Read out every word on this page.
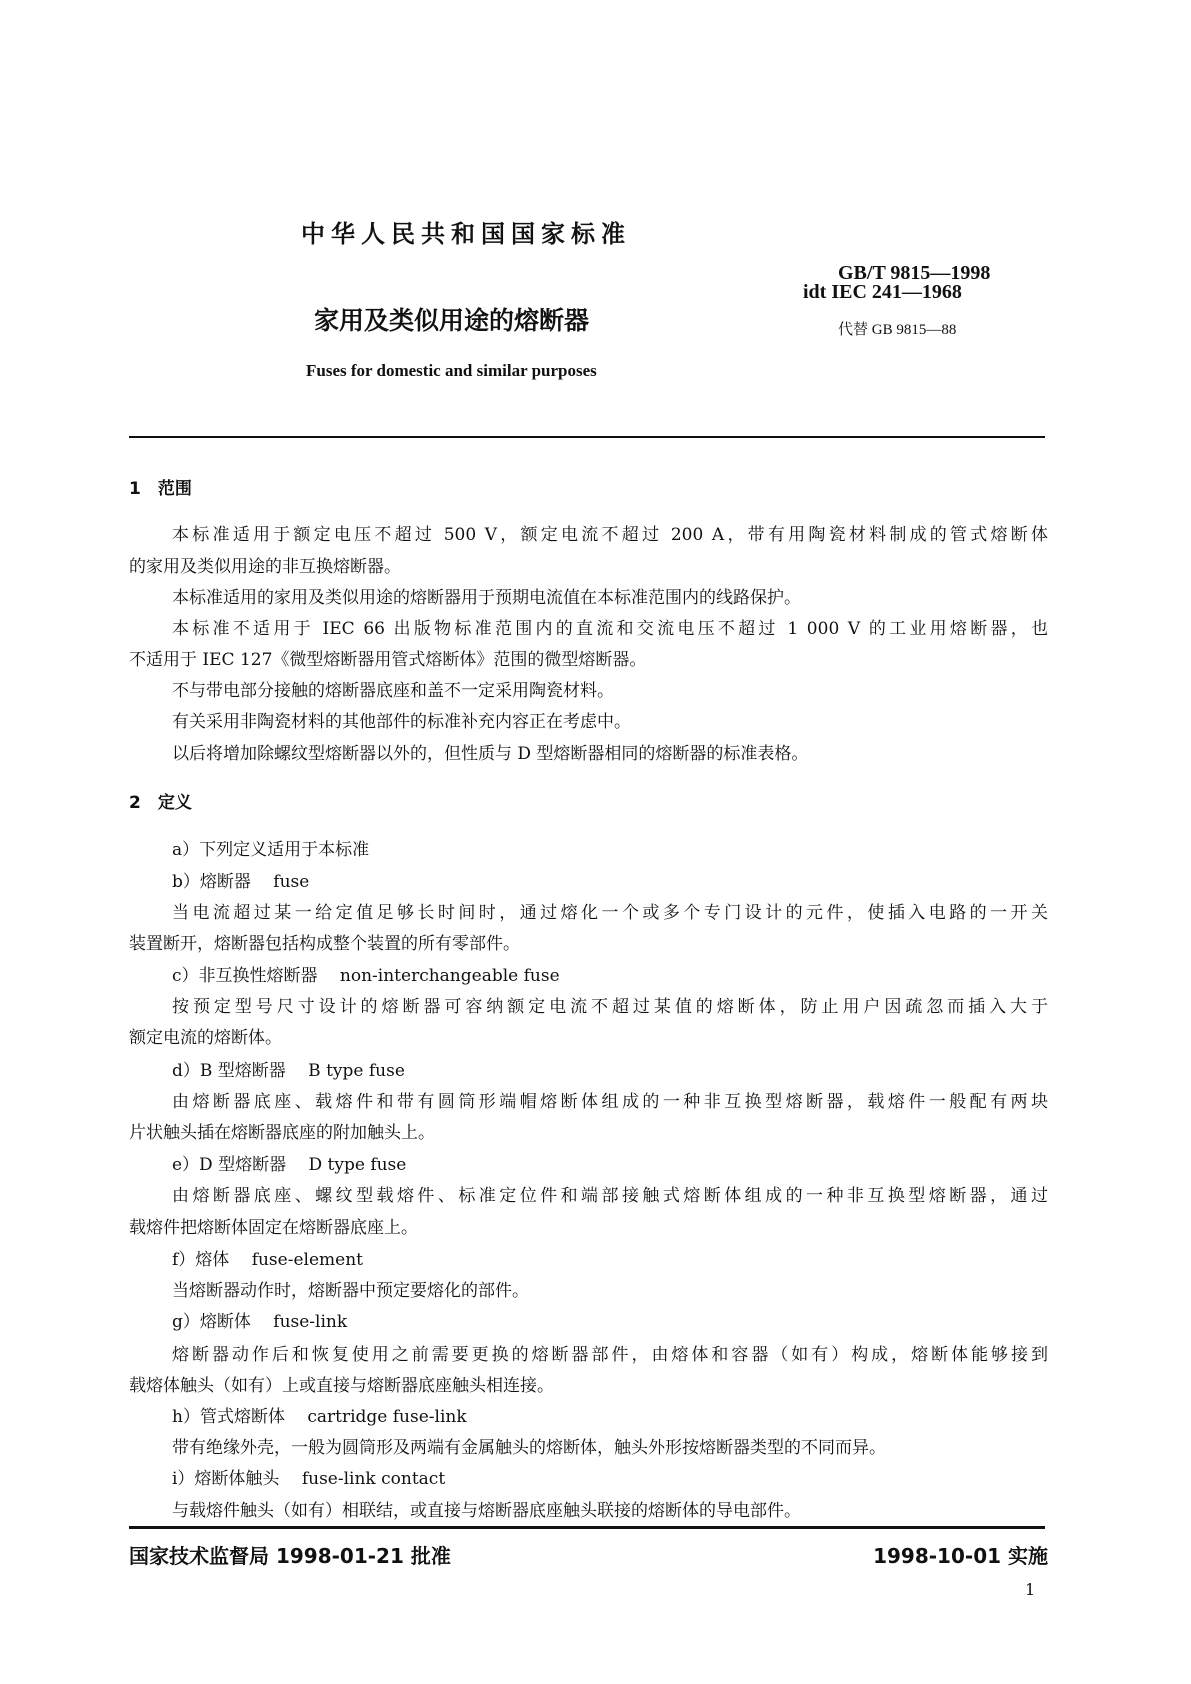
中华人民共和国国家标准
GB/T 9815—1998
idt IEC 241—1968
代替 GB 9815—88
家用及类似用途的熔断器
Fuses for domestic and similar purposes
1　范围
本标准适用于额定电压不超过 500 V，额定电流不超过 200 A，带有用陶瓷材料制成的管式熔断体
的家用及类似用途的非互换熔断器。
本标准适用的家用及类似用途的熔断器用于预期电流值在本标准范围内的线路保护。
本标准不适用于 IEC 66 出版物标准范围内的直流和交流电压不超过 1 000 V 的工业用熔断器，也
不适用于 IEC 127《微型熔断器用管式熔断体》范围的微型熔断器。
不与带电部分接触的熔断器底座和盖不一定采用陶瓷材料。
有关采用非陶瓷材料的其他部件的标准补充内容正在考虑中。
以后将增加除螺纹型熔断器以外的，但性质与 D 型熔断器相同的熔断器的标准表格。
2　定义
a）下列定义适用于本标准
b）熔断器　 fuse
当电流超过某一给定值足够长时间时，通过熔化一个或多个专门设计的元件，使插入电路的一开关
装置断开，熔断器包括构成整个装置的所有零部件。
c）非互换性熔断器　 non-interchangeable fuse
按预定型号尺寸设计的熔断器可容纳额定电流不超过某值的熔断体，防止用户因疏忽而插入大于
额定电流的熔断体。
d）B 型熔断器　 B type fuse
由熔断器底座、载熔件和带有圆筒形端帽熔断体组成的一种非互换型熔断器，载熔件一般配有两块
片状触头插在熔断器底座的附加触头上。
e）D 型熔断器　 D type fuse
由熔断器底座、螺纹型载熔件、标准定位件和端部接触式熔断体组成的一种非互换型熔断器，通过
载熔件把熔断体固定在熔断器底座上。
f）熔体　 fuse-element
当熔断器动作时，熔断器中预定要熔化的部件。
g）熔断体　 fuse-link
熔断器动作后和恢复使用之前需要更换的熔断器部件，由熔体和容器（如有）构成，熔断体能够接到
载熔体触头（如有）上或直接与熔断器底座触头相连接。
h）管式熔断体　 cartridge fuse-link
带有绝缘外壳，一般为圆筒形及两端有金属触头的熔断体，触头外形按熔断器类型的不同而异。
i）熔断体触头　 fuse-link contact
与载熔件触头（如有）相联结，或直接与熔断器底座触头联接的熔断体的导电部件。
国家技术监督局 1998-01-21 批准	1998-10-01 实施
1
